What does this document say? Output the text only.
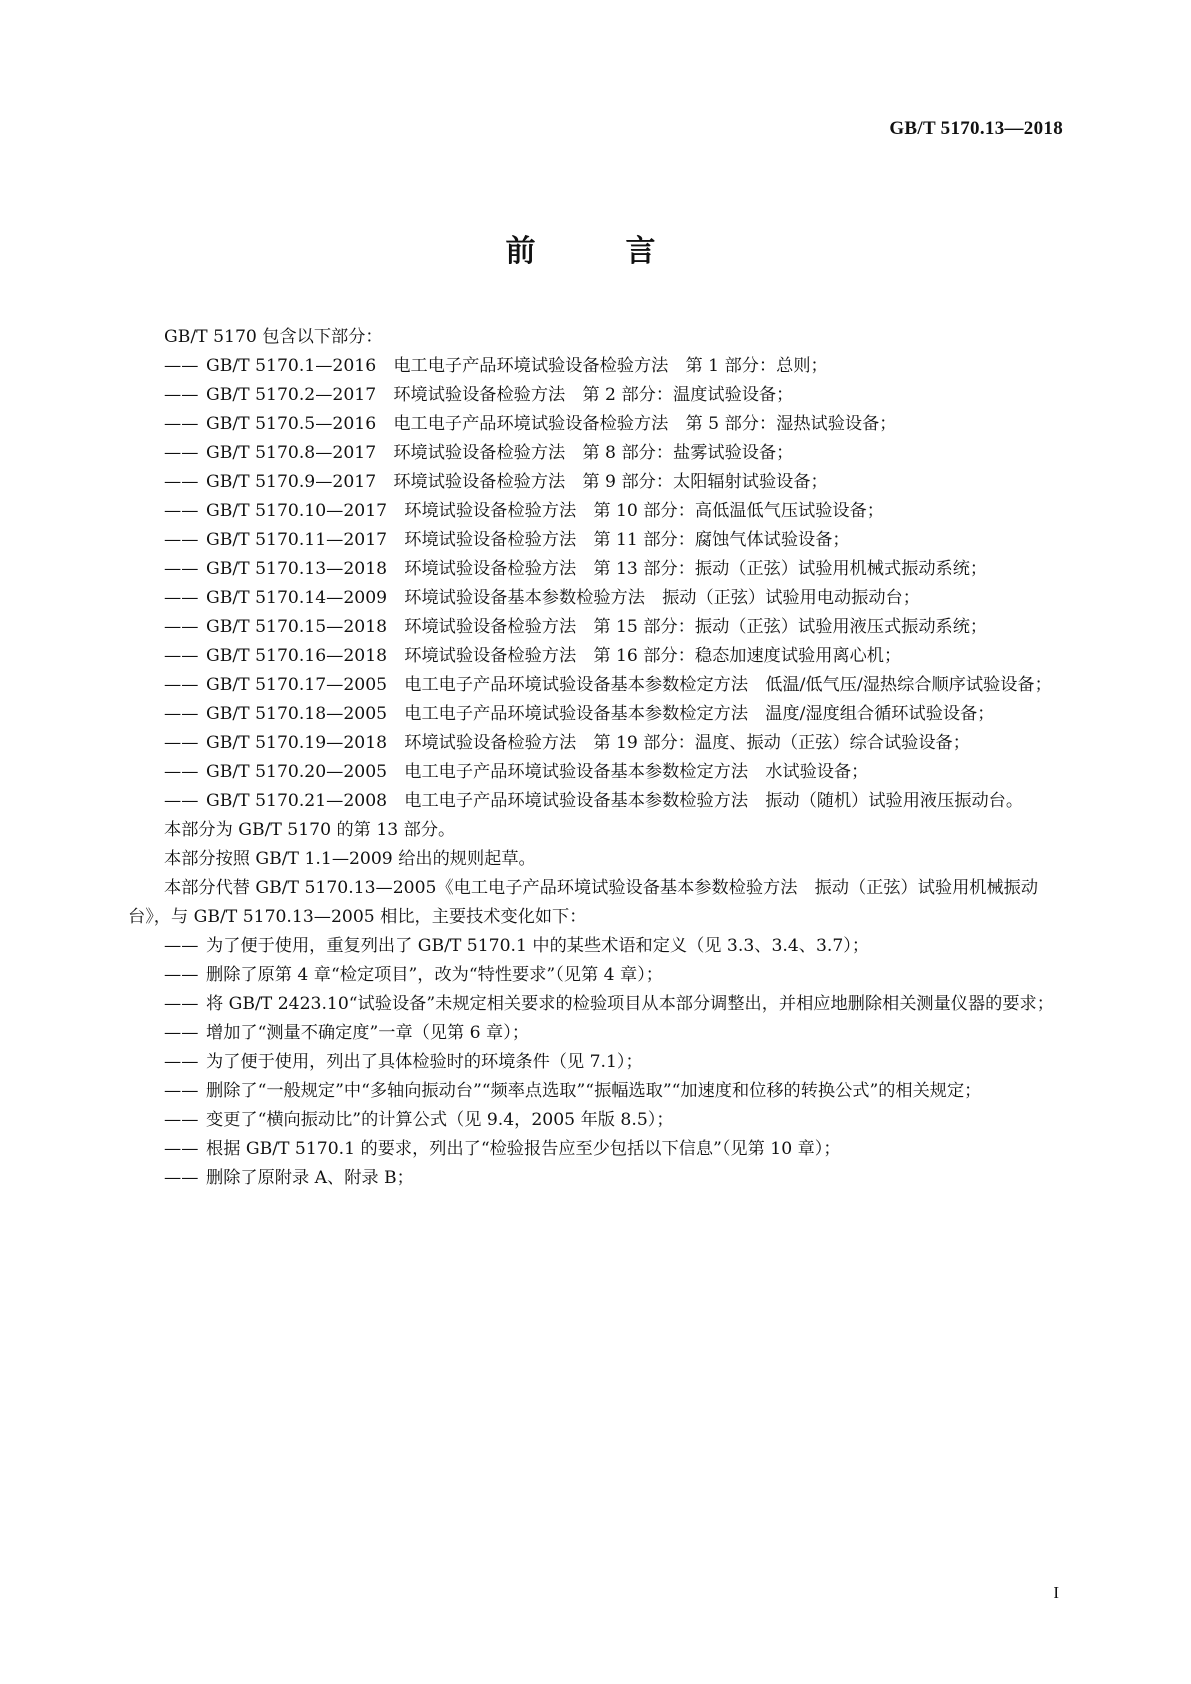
GB/T 5170.13—2018
前　言

GB/T 5170 包含以下部分：

—— GB/T 5170.1—2016　电工电子产品环境试验设备检验方法　第 1 部分：总则；

—— GB/T 5170.2—2017　环境试验设备检验方法　第 2 部分：温度试验设备；

—— GB/T 5170.5—2016　电工电子产品环境试验设备检验方法　第 5 部分：湿热试验设备；

—— GB/T 5170.8—2017　环境试验设备检验方法　第 8 部分：盐雾试验设备；

—— GB/T 5170.9—2017　环境试验设备检验方法　第 9 部分：太阳辐射试验设备；

—— GB/T 5170.10—2017　环境试验设备检验方法　第 10 部分：高低温低气压试验设备；

—— GB/T 5170.11—2017　环境试验设备检验方法　第 11 部分：腐蚀气体试验设备；

—— GB/T 5170.13—2018　环境试验设备检验方法　第 13 部分：振动（正弦）试验用机械式振动系统；

—— GB/T 5170.14—2009　环境试验设备基本参数检验方法　振动（正弦）试验用电动振动台；

—— GB/T 5170.15—2018　环境试验设备检验方法　第 15 部分：振动（正弦）试验用液压式振动系统；

—— GB/T 5170.16—2018　环境试验设备检验方法　第 16 部分：稳态加速度试验用离心机；

—— GB/T 5170.17—2005　电工电子产品环境试验设备基本参数检定方法　低温/低气压/湿热综合顺序试验设备；

—— GB/T 5170.18—2005　电工电子产品环境试验设备基本参数检定方法　温度/湿度组合循环试验设备；

—— GB/T 5170.19—2018　环境试验设备检验方法　第 19 部分：温度、振动（正弦）综合试验设备；

—— GB/T 5170.20—2005　电工电子产品环境试验设备基本参数检定方法　水试验设备；

—— GB/T 5170.21—2008　电工电子产品环境试验设备基本参数检验方法　振动（随机）试验用液压振动台。

本部分为 GB/T 5170 的第 13 部分。

本部分按照 GB/T 1.1—2009 给出的规则起草。

本部分代替 GB/T 5170.13—2005《电工电子产品环境试验设备基本参数检验方法　振动（正弦）试验用机械振动台》，与 GB/T 5170.13—2005 相比，主要技术变化如下：

—— 为了便于使用，重复列出了 GB/T 5170.1 中的某些术语和定义（见 3.3、3.4、3.7）；

—— 删除了原第 4 章“检定项目”，改为“特性要求”（见第 4 章）；

—— 将 GB/T 2423.10“试验设备”未规定相关要求的检验项目从本部分调整出，并相应地删除相关测量仪器的要求；

—— 增加了“测量不确定度”一章（见第 6 章）；

—— 为了便于使用，列出了具体检验时的环境条件（见 7.1）；

—— 删除了“一般规定”中“多轴向振动台”“频率点选取”“振幅选取”“加速度和位移的转换公式”的相关规定；

—— 变更了“横向振动比”的计算公式（见 9.4，2005 年版 8.5）；

—— 根据 GB/T 5170.1 的要求，列出了“检验报告应至少包括以下信息”（见第 10 章）；

—— 删除了原附录 A、附录 B；

I
